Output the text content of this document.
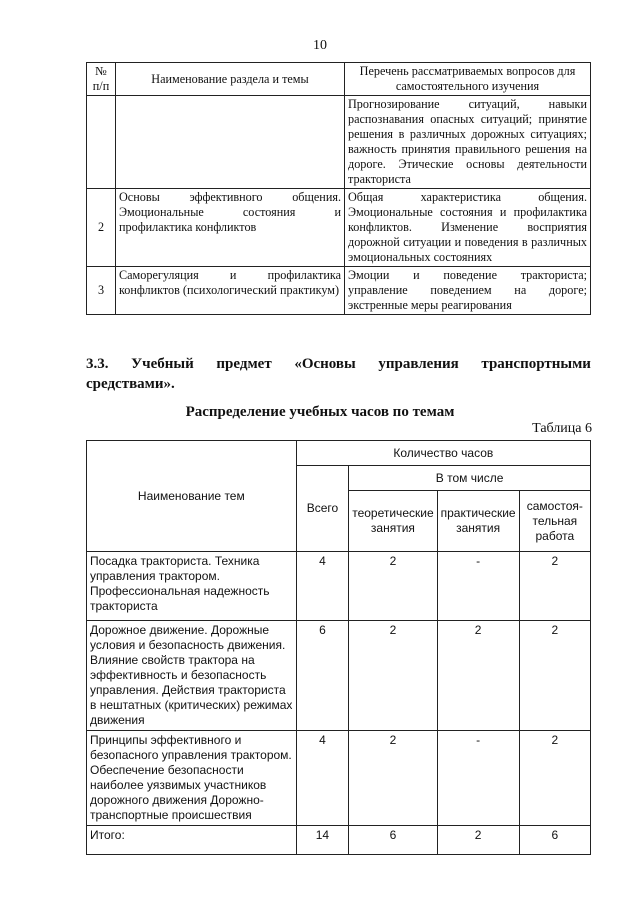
10
№ п/п	Наименование раздела и темы	Перечень рассматриваемых вопросов для самостоятельного изучения
		Прогнозирование ситуаций, навыки распознавания опасных ситуаций; принятие решения в различных дорожных ситуациях; важность принятия правильного решения на дороге. Этические основы деятельности тракториста
2	Основы эффективного общения. Эмоциональные состояния и профилактика конфликтов	Общая характеристика общения. Эмоциональные состояния и профилактика конфликтов. Изменение восприятия дорожной ситуации и поведения в различных эмоциональных состояниях
3	Саморегуляция и профилактика конфликтов (психологический практикум)	Эмоции и поведение тракториста; управление поведением на дороге; экстренные меры реагирования
3.3. Учебный предмет «Основы управления транспортными
средствами».
Распределение учебных часов по темам
Таблица 6
Наименование тем	Количество часов			
	Всего	В том числе		
		теоретические занятия	практические занятия	самостоя-тельная работа
Посадка тракториста. Техника управления трактором. Профессиональная надежность тракториста	4	2	-	2
Дорожное движение. Дорожные условия и безопасность движения. Влияние свойств трактора на эффективность и безопасность управления. Действия тракториста в нештатных (критических) режимах движения	6	2	2	2
Принципы эффективного и безопасного управления трактором. Обеспечение безопасности наиболее уязвимых участников дорожного движения Дорожно-транспортные происшествия	4	2	-	2
Итого:	14	6	2	6
